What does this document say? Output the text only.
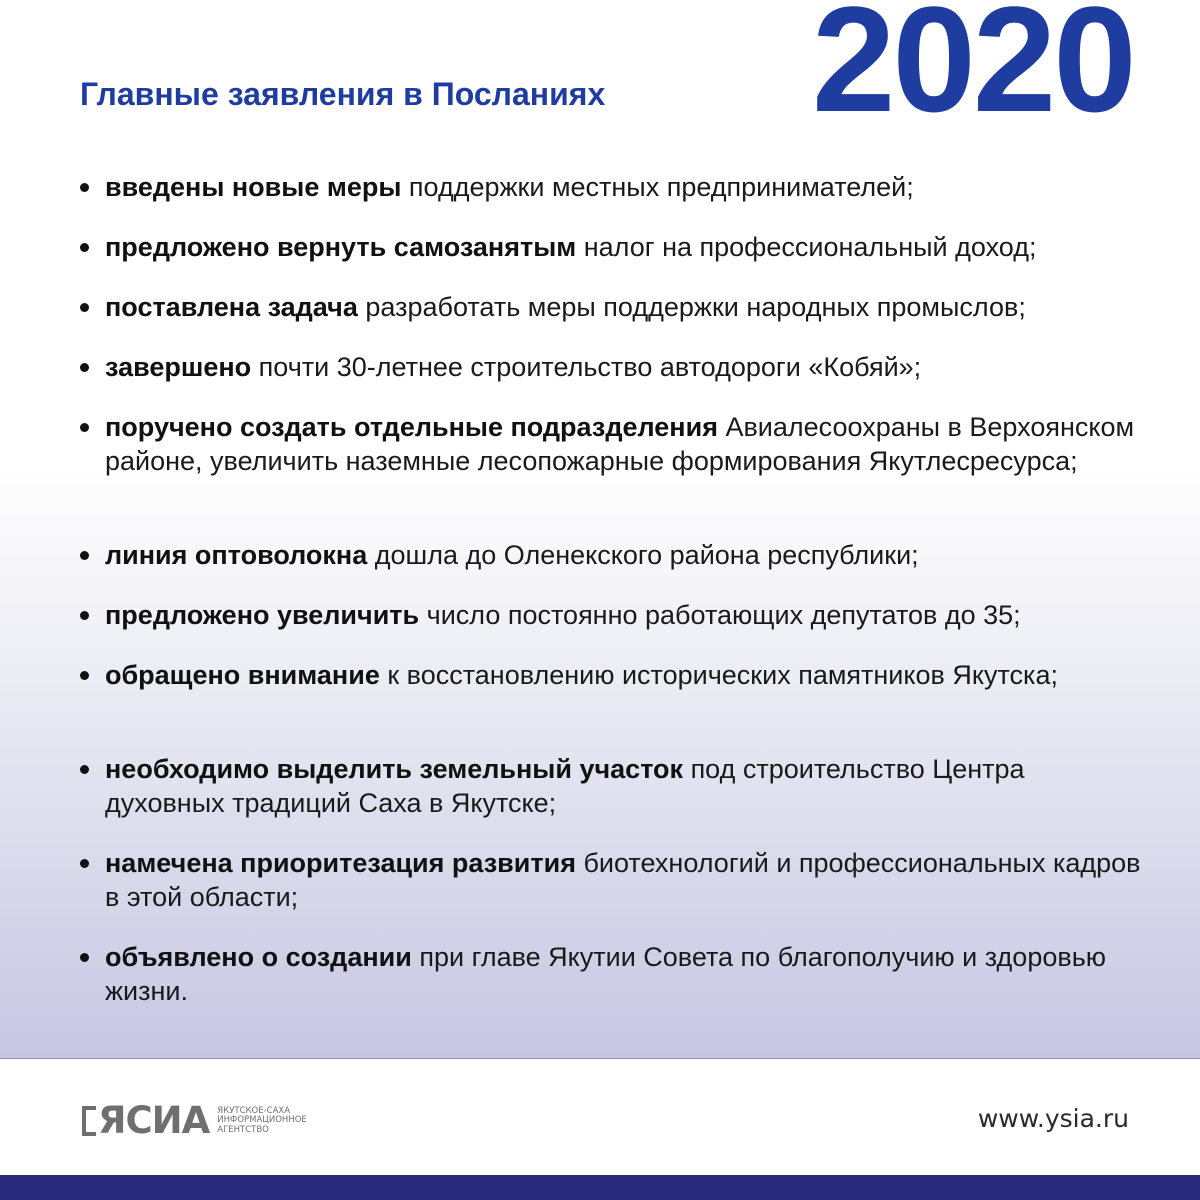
2020
Главные заявления в Посланиях
введены новые меры поддержки местных предпринимателей;
предложено вернуть самозанятым налог на профессиональный доход;
поставлена задача разработать меры поддержки народных промыслов;
завершено почти 30-летнее строительство автодороги «Кобяй»;
поручено создать отдельные подразделения Авиалесоохраны в Верхоянском районе, увеличить наземные лесопожарные формирования Якутлесресурса;
линия оптоволокна дошла до Оленекского района республики;
предложено увеличить число постоянно работающих депутатов до 35;
обращено внимание к восстановлению исторических памятников Якутска;
необходимо выделить земельный участок под строительство Центра духовных традиций Саха в Якутске;
намечена приоритезация развития биотехнологий и профессиональных кадров в этой области;
объявлено о создании при главе Якутии Совета по благополучию и здоровью жизни.
ЯСИА ЯКУТСКОЕ-САХА
ИНФОРМАЦИОННОЕ
АГЕНТСТВО	www.ysia.ru
